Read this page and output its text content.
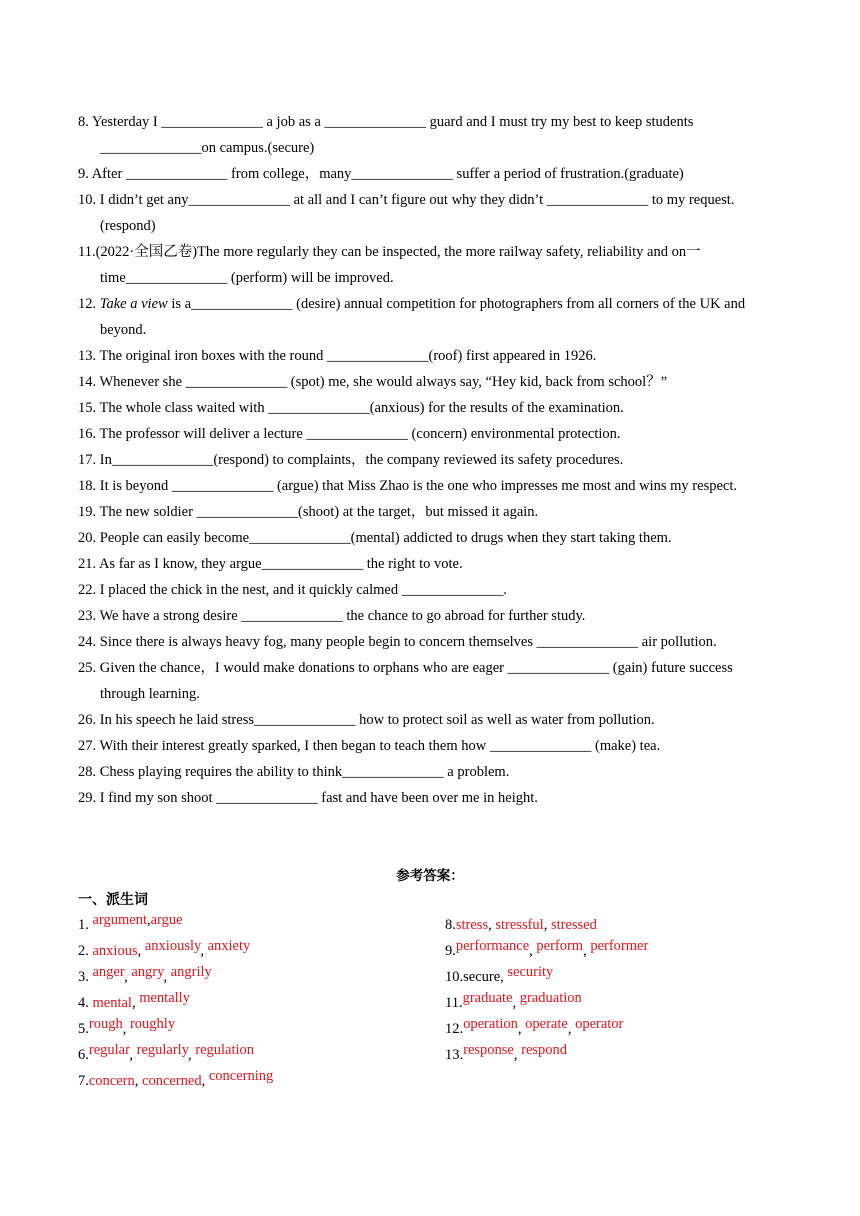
8. Yesterday I ______________ a job as a ______________ guard and I must try my best to keep students
______________on campus.(secure)
9. After ______________ from college，many______________ suffer a period of frustration.(graduate)
10. I didn’t get any______________ at all and I can’t figure out why they didn’t ______________ to my request.
(respond)
11.(2022·全国乙卷)The more regularly they can be inspected, the more railway safety, reliability and on一
time______________ (perform) will be improved.
12. Take a view is a______________ (desire) annual competition for photographers from all corners of the UK and
beyond.
13. The original iron boxes with the round ______________(roof) first appeared in 1926.
14. Whenever she ______________ (spot) me, she would always say, “Hey kid, back from school？”
15. The whole class waited with ______________(anxious) for the results of the examination.
16. The professor will deliver a lecture ______________ (concern) environmental protection.
17. In______________(respond) to complaints，the company reviewed its safety procedures.
18. It is beyond ______________ (argue) that Miss Zhao is the one who impresses me most and wins my respect.
19. The new soldier ______________(shoot) at the target，but missed it again.
20. People can easily become______________(mental) addicted to drugs when they start taking them.
21. As far as I know, they argue______________ the right to vote.
22. I placed the chick in the nest, and it quickly calmed ______________.
23. We have a strong desire ______________ the chance to go abroad for further study.
24. Since there is always heavy fog, many people begin to concern themselves ______________ air pollution.
25. Given the chance，I would make donations to orphans who are eager ______________ (gain) future success
through learning.
26. In his speech he laid stress______________ how to protect soil as well as water from pollution.
27. With their interest greatly sparked, I then began to teach them how ______________ (make) tea.
28. Chess playing requires the ability to think______________ a problem.
29. I find my son shoot ______________ fast and have been over me in height.
参考答案：
一、派生词
1. argument,argue
2. anxious, anxiously, anxiety
3. anger, angry, angrily
4. mental, mentally
5.rough, roughly
6.regular, regularly, regulation
7.concern, concerned, concerning
8.stress, stressful, stressed
9.performance, perform, performer
10.secure, security
11.graduate, graduation
12.operation, operate, operator
13.response, respond
